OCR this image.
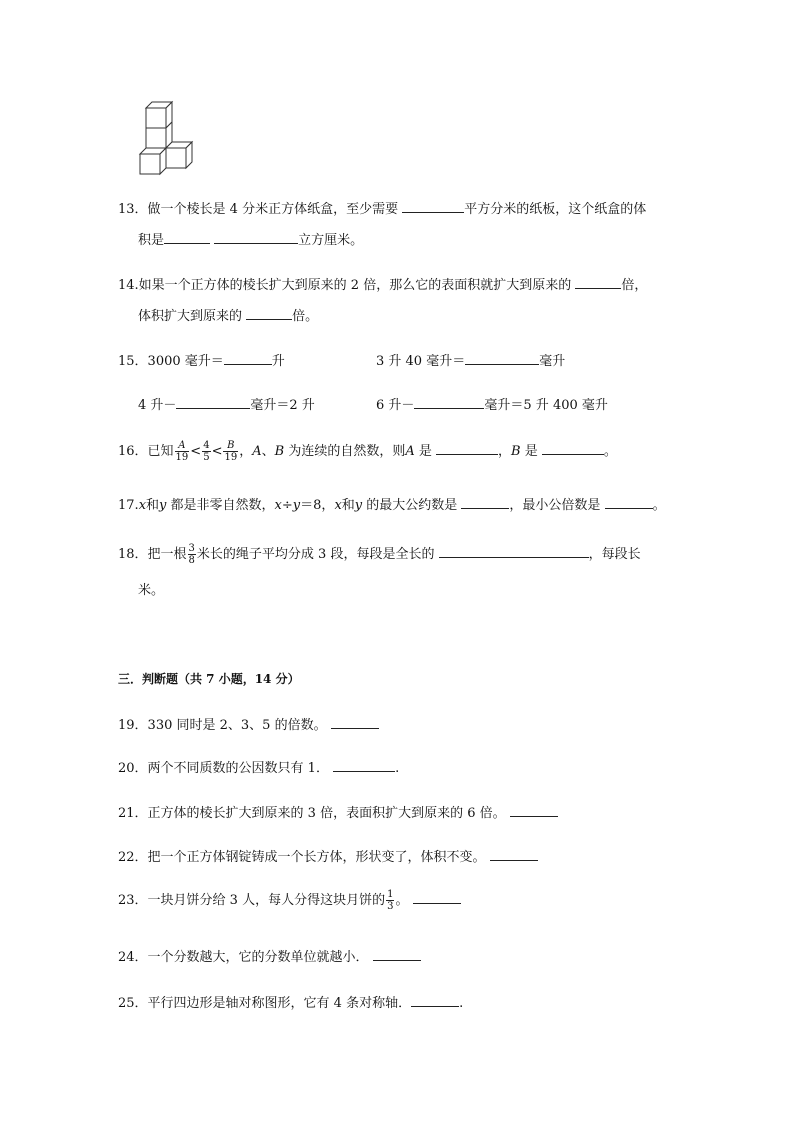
13．做一个棱长是 4 分米正方体纸盒，至少需要	平方分米的纸板，这个纸盒的体
积是	立方厘米。
14.如果一个正方体的棱长扩大到原来的 2 倍，那么它的表面积就扩大到原来的	倍，
体积扩大到原来的	倍。
15．3000 毫升＝	升	3 升 40 毫升＝	毫升
4 升－	毫升＝2 升	6 升－	毫升＝5 升 400 毫升
16．已知 $\frac{A}{19} < \frac{4}{5} < \frac{B}{19}$ ，A、B 为连续的自然数，则A 是	，B 是	。
17.x和y 都是非零自然数，x÷y＝8，x和y 的最大公约数是	，最小公倍数是	。
18．把一根 $\frac{3}{8}$ 米长的绳子平均分成 3 段，每段是全长的	，每段长
米。
三．判断题（共 7 小题，14 分）
19．330 同时是 2、3、5 的倍数。
20．两个不同质数的公因数只有 1．	.
21．正方体的棱长扩大到原来的 3 倍，表面积扩大到原来的 6 倍。
22．把一个正方体钢锭铸成一个长方体，形状变了，体积不变。
23．一块月饼分给 3 人，每人分得这块月饼的 $\frac{1}{3}$ 。
24．一个分数越大，它的分数单位就越小．
25．平行四边形是轴对称图形，它有 4 条对称轴．	.
